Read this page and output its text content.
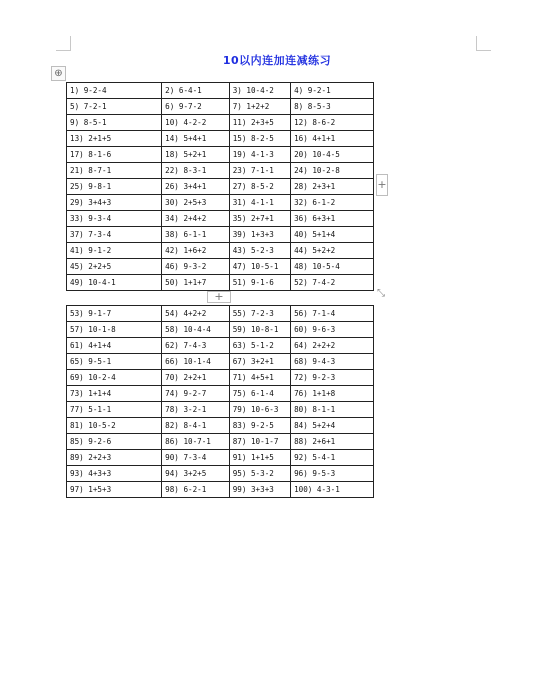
10以内连加连减练习
⊕
1) 9-2-4	2) 6-4-1	3) 10-4-2	4) 9-2-1
5) 7-2-1	6) 9-7-2	7) 1+2+2	8) 8-5-3
9) 8-5-1	10) 4-2-2	11) 2+3+5	12) 8-6-2
13) 2+1+5	14) 5+4+1	15) 8-2-5	16) 4+1+1
17) 8-1-6	18) 5+2+1	19) 4-1-3	20) 10-4-5
21) 8-7-1	22) 8-3-1	23) 7-1-1	24) 10-2-8
25) 9-8-1	26) 3+4+1	27) 8-5-2	28) 2+3+1
29) 3+4+3	30) 2+5+3	31) 4-1-1	32) 6-1-2
33) 9-3-4	34) 2+4+2	35) 2+7+1	36) 6+3+1
37) 7-3-4	38) 6-1-1	39) 1+3+3	40) 5+1+4
41) 9-1-2	42) 1+6+2	43) 5-2-3	44) 5+2+2
45) 2+2+5	46) 9-3-2	47) 10-5-1	48) 10-5-4
49) 10-4-1	50) 1+1+7	51) 9-1-6	52) 7-4-2
+
+	⤡
53) 9-1-7	54) 4+2+2	55) 7-2-3	56) 7-1-4
57) 10-1-8	58) 10-4-4	59) 10-8-1	60) 9-6-3
61) 4+1+4	62) 7-4-3	63) 5-1-2	64) 2+2+2
65) 9-5-1	66) 10-1-4	67) 3+2+1	68) 9-4-3
69) 10-2-4	70) 2+2+1	71) 4+5+1	72) 9-2-3
73) 1+1+4	74) 9-2-7	75) 6-1-4	76) 1+1+8
77) 5-1-1	78) 3-2-1	79) 10-6-3	80) 8-1-1
81) 10-5-2	82) 8-4-1	83) 9-2-5	84) 5+2+4
85) 9-2-6	86) 10-7-1	87) 10-1-7	88) 2+6+1
89) 2+2+3	90) 7-3-4	91) 1+1+5	92) 5-4-1
93) 4+3+3	94) 3+2+5	95) 5-3-2	96) 9-5-3
97) 1+5+3	98) 6-2-1	99) 3+3+3	100) 4-3-1
